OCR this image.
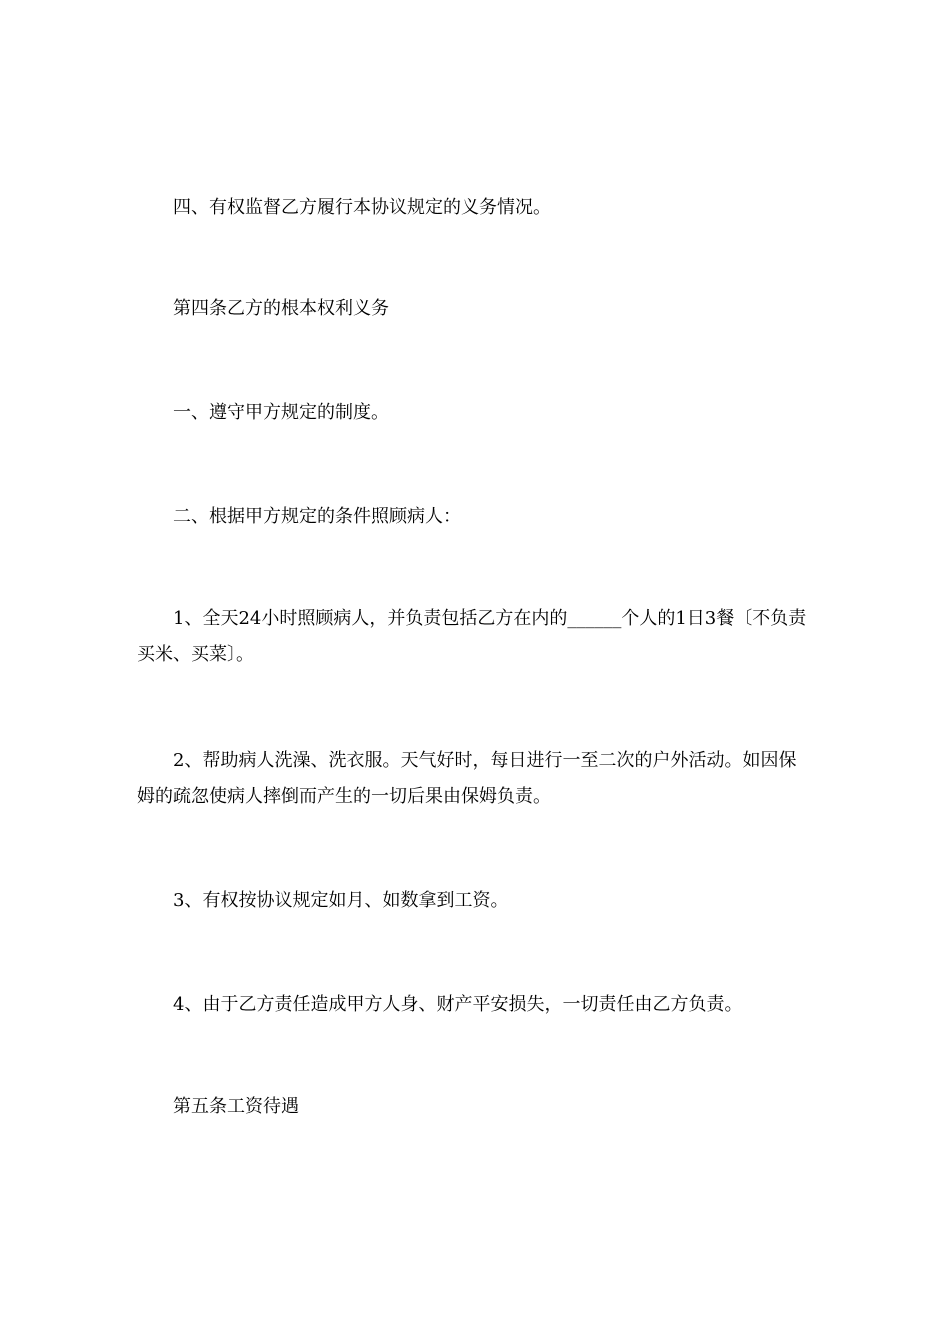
四、有权监督乙方履行本协议规定的义务情况。

第四条乙方的根本权利义务

一、遵守甲方规定的制度。

二、根据甲方规定的条件照顾病人：

1、全天24小时照顾病人，并负责包括乙方在内的______个人的1日3餐〔不负责买米、买菜〕。

2、帮助病人洗澡、洗衣服。天气好时，每日进行一至二次的户外活动。如因保姆的疏忽使病人摔倒而产生的一切后果由保姆负责。

3、有权按协议规定如月、如数拿到工资。

4、由于乙方责任造成甲方人身、财产平安损失，一切责任由乙方负责。

第五条工资待遇
